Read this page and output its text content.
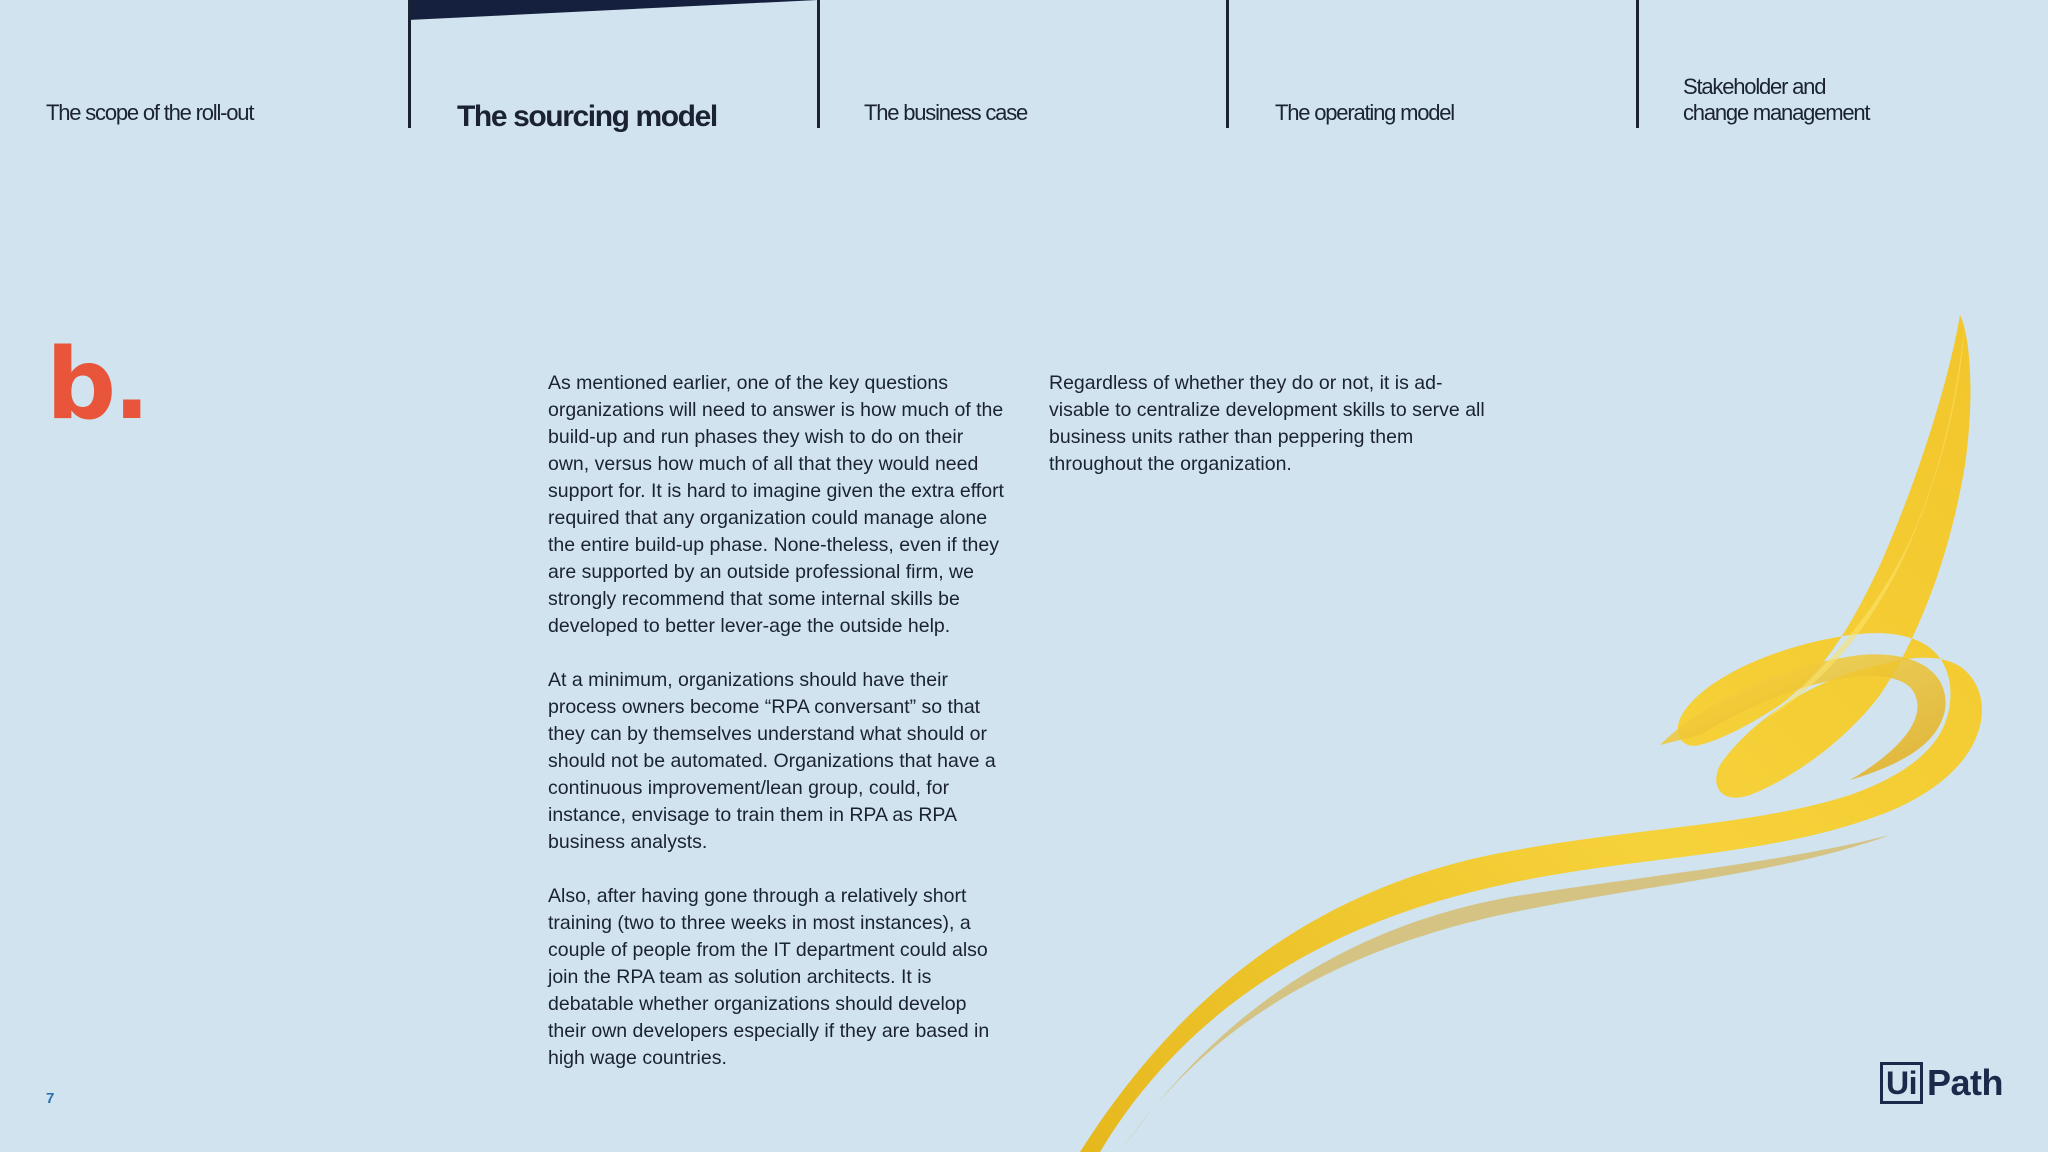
The scope of the roll-out	The sourcing model	The business case	The operating model
Stakeholder and
change management
b.	As mentioned earlier, one of the key questions organizations will need to answer is how much of the build-up and run phases they wish to do on their own, versus how much of all that they would need support for. It is hard to imagine given the extra effort required that any organization could manage alone the entire build-up phase. None-theless, even if they are supported by an outside professional firm, we strongly recommend that some internal skills be developed to better lever-age the outside help.

At a minimum, organizations should have their process owners become “RPA conversant” so that they can by themselves understand what should or should not be automated. Organizations that have a continuous improvement/lean group, could, for instance, envisage to train them in RPA as RPA business analysts.

Also, after having gone through a relatively short training (two to three weeks in most instances), a couple of people from the IT department could also join the RPA team as solution architects. It is debatable whether organizations should develop their own developers especially if they are based in high wage countries.

Regardless of whether they do or not, it is ad-visable to centralize development skills to serve all business units rather than peppering them throughout the organization.

7	Ui Path
